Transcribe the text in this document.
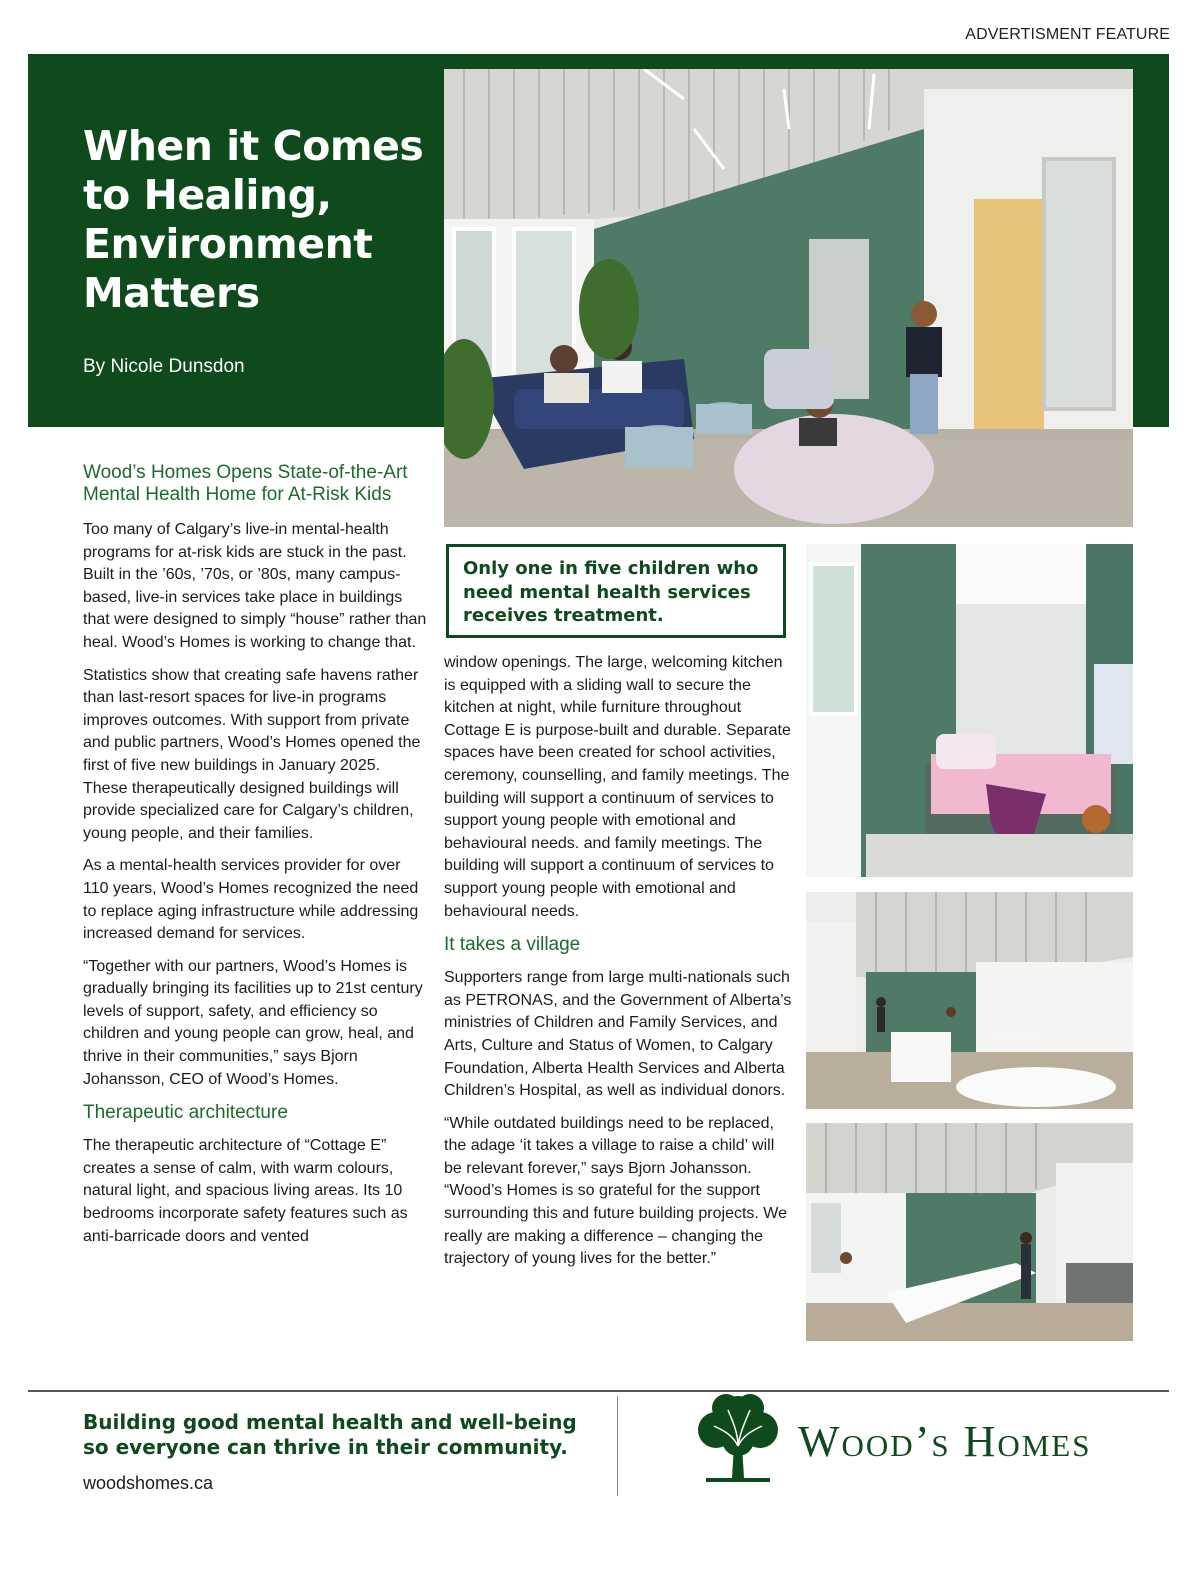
ADVERTISMENT FEATURE
When it Comes
to Healing,
Environment
Matters
By Nicole Dunsdon
Wood’s Homes Opens State-of-the-Art Mental Health Home for At-Risk Kids

Too many of Calgary’s live-in mental-health programs for at-risk kids are stuck in the past. Built in the ’60s, ’70s, or ’80s, many campus-based, live-in services take place in buildings that were designed to simply “house” rather than heal. Wood’s Homes is working to change that.

Statistics show that creating safe havens rather than last-resort spaces for live-in programs improves outcomes. With support from private and public partners, Wood’s Homes opened the first of five new buildings in January 2025. These therapeutically designed buildings will provide specialized care for Calgary’s children, young people, and their families.

As a mental-health services provider for over 110 years, Wood’s Homes recognized the need to replace aging infrastructure while addressing increased demand for services.

“Together with our partners, Wood’s Homes is gradually bringing its facilities up to 21st century levels of support, safety, and efficiency so children and young people can grow, heal, and thrive in their communities,” says Bjorn Johansson, CEO of Wood’s Homes.

Therapeutic architecture

The therapeutic architecture of “Cottage E” creates a sense of calm, with warm colours, natural light, and spacious living areas. Its 10 bedrooms incorporate safety features such as anti-barricade doors and vented

Only one in five children who need mental health services receives treatment.

window openings. The large, welcoming kitchen is equipped with a sliding wall to secure the kitchen at night, while furniture throughout Cottage E is purpose-built and durable. Separate spaces have been created for school activities, ceremony, counselling, and family meetings. The building will support a continuum of services to support young people with emotional and behavioural needs. and family meetings. The building will support a continuum of services to support young people with emotional and behavioural needs.

It takes a village

Supporters range from large multi-nationals such as PETRONAS, and the Government of Alberta’s ministries of Children and Family Services, and Arts, Culture and Status of Women, to Calgary Foundation, Alberta Health Services and Alberta Children’s Hospital, as well as individual donors.

“While outdated buildings need to be replaced, the adage ‘it takes a village to raise a child’ will be relevant forever,” says Bjorn Johansson. “Wood’s Homes is so grateful for the support surrounding this and future building projects. We really are making a difference – changing the trajectory of young lives for the better.”

Building good mental health and well-being
so everyone can thrive in their community.
woodshomes.ca
Wood’s Homes
